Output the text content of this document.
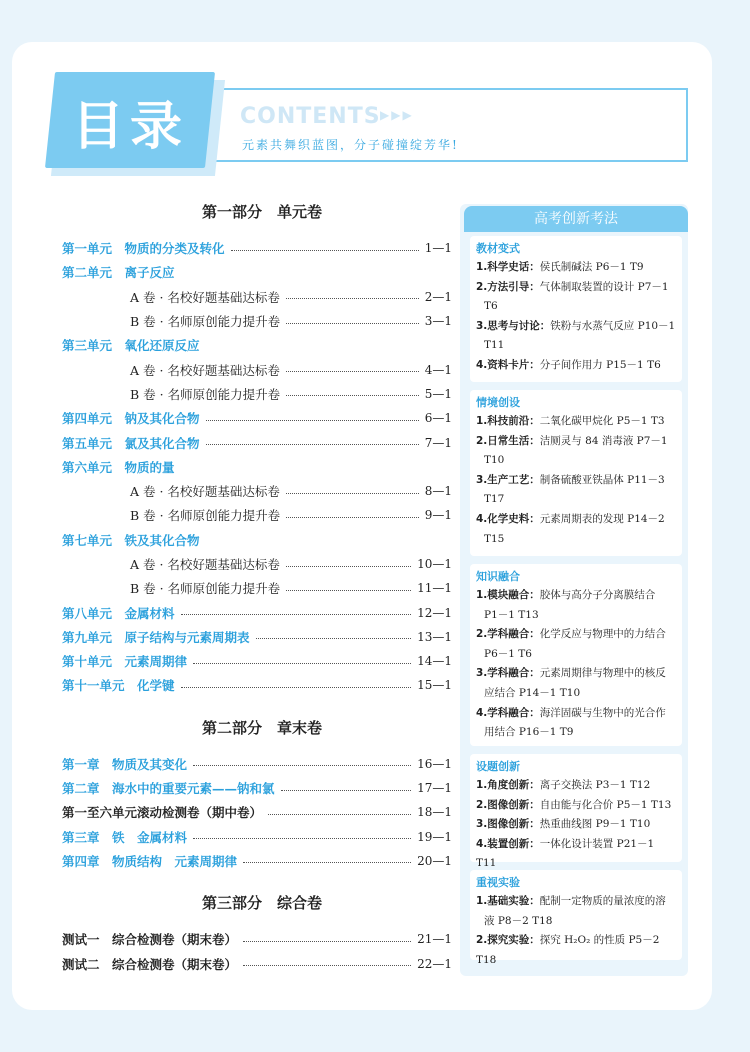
目录 CONTENTS ▶▶▶
元素共舞织蓝图，分子碰撞绽芳华!
第一部分　单元卷
第一单元　物质的分类及转化	1—1
第二单元　离子反应
A 卷 · 名校好题基础达标卷	2—1
B 卷 · 名师原创能力提升卷	3—1
第三单元　氧化还原反应
A 卷 · 名校好题基础达标卷	4—1
B 卷 · 名师原创能力提升卷	5—1
第四单元　钠及其化合物	6—1
第五单元　氯及其化合物	7—1
第六单元　物质的量
A 卷 · 名校好题基础达标卷	8—1
B 卷 · 名师原创能力提升卷	9—1
第七单元　铁及其化合物
A 卷 · 名校好题基础达标卷	10—1
B 卷 · 名师原创能力提升卷	11—1
第八单元　金属材料	12—1
第九单元　原子结构与元素周期表	13—1
第十单元　元素周期律	14—1
第十一单元　化学键	15—1
第二部分　章末卷
第一章　物质及其变化	16—1
第二章　海水中的重要元素——钠和氯	17—1
第一至六单元滚动检测卷（期中卷）	18—1
第三章　铁　金属材料	19—1
第四章　物质结构　元素周期律	20—1
第三部分　综合卷
测试一　综合检测卷（期末卷）	21—1
测试二　综合检测卷（期末卷）	22—1
高考创新考法
教材变式
1.科学史话：侯氏制碱法 P6－1 T9
2.方法引导：气体制取装置的设计 P7－1
T6
3.思考与讨论：铁粉与水蒸气反应 P10－1
T11
4.资料卡片：分子间作用力 P15－1 T6
情境创设
1.科技前沿：二氧化碳甲烷化 P5－1 T3
2.日常生活：洁厕灵与 84 消毒液 P7－1
T10
3.生产工艺：制备硫酸亚铁晶体 P11－3
T17
4.化学史料：元素周期表的发现 P14－2
T15
知识融合
1.模块融合：胶体与高分子分离膜结合
P1－1 T13
2.学科融合：化学反应与物理中的力结合
P6－1 T6
3.学科融合：元素周期律与物理中的核反
应结合 P14－1 T10
4.学科融合：海洋固碳与生物中的光合作
用结合 P16－1 T9
设题创新
1.角度创新：离子交换法 P3－1 T12
2.图像创新：自由能与化合价 P5－1 T13
3.图像创新：热重曲线图 P9－1 T10
4.装置创新：一体化设计装置 P21－1 T11
重视实验
1.基础实验：配制一定物质的量浓度的溶
液 P8－2 T18
2.探究实验：探究 H₂O₂ 的性质 P5－2 T18
